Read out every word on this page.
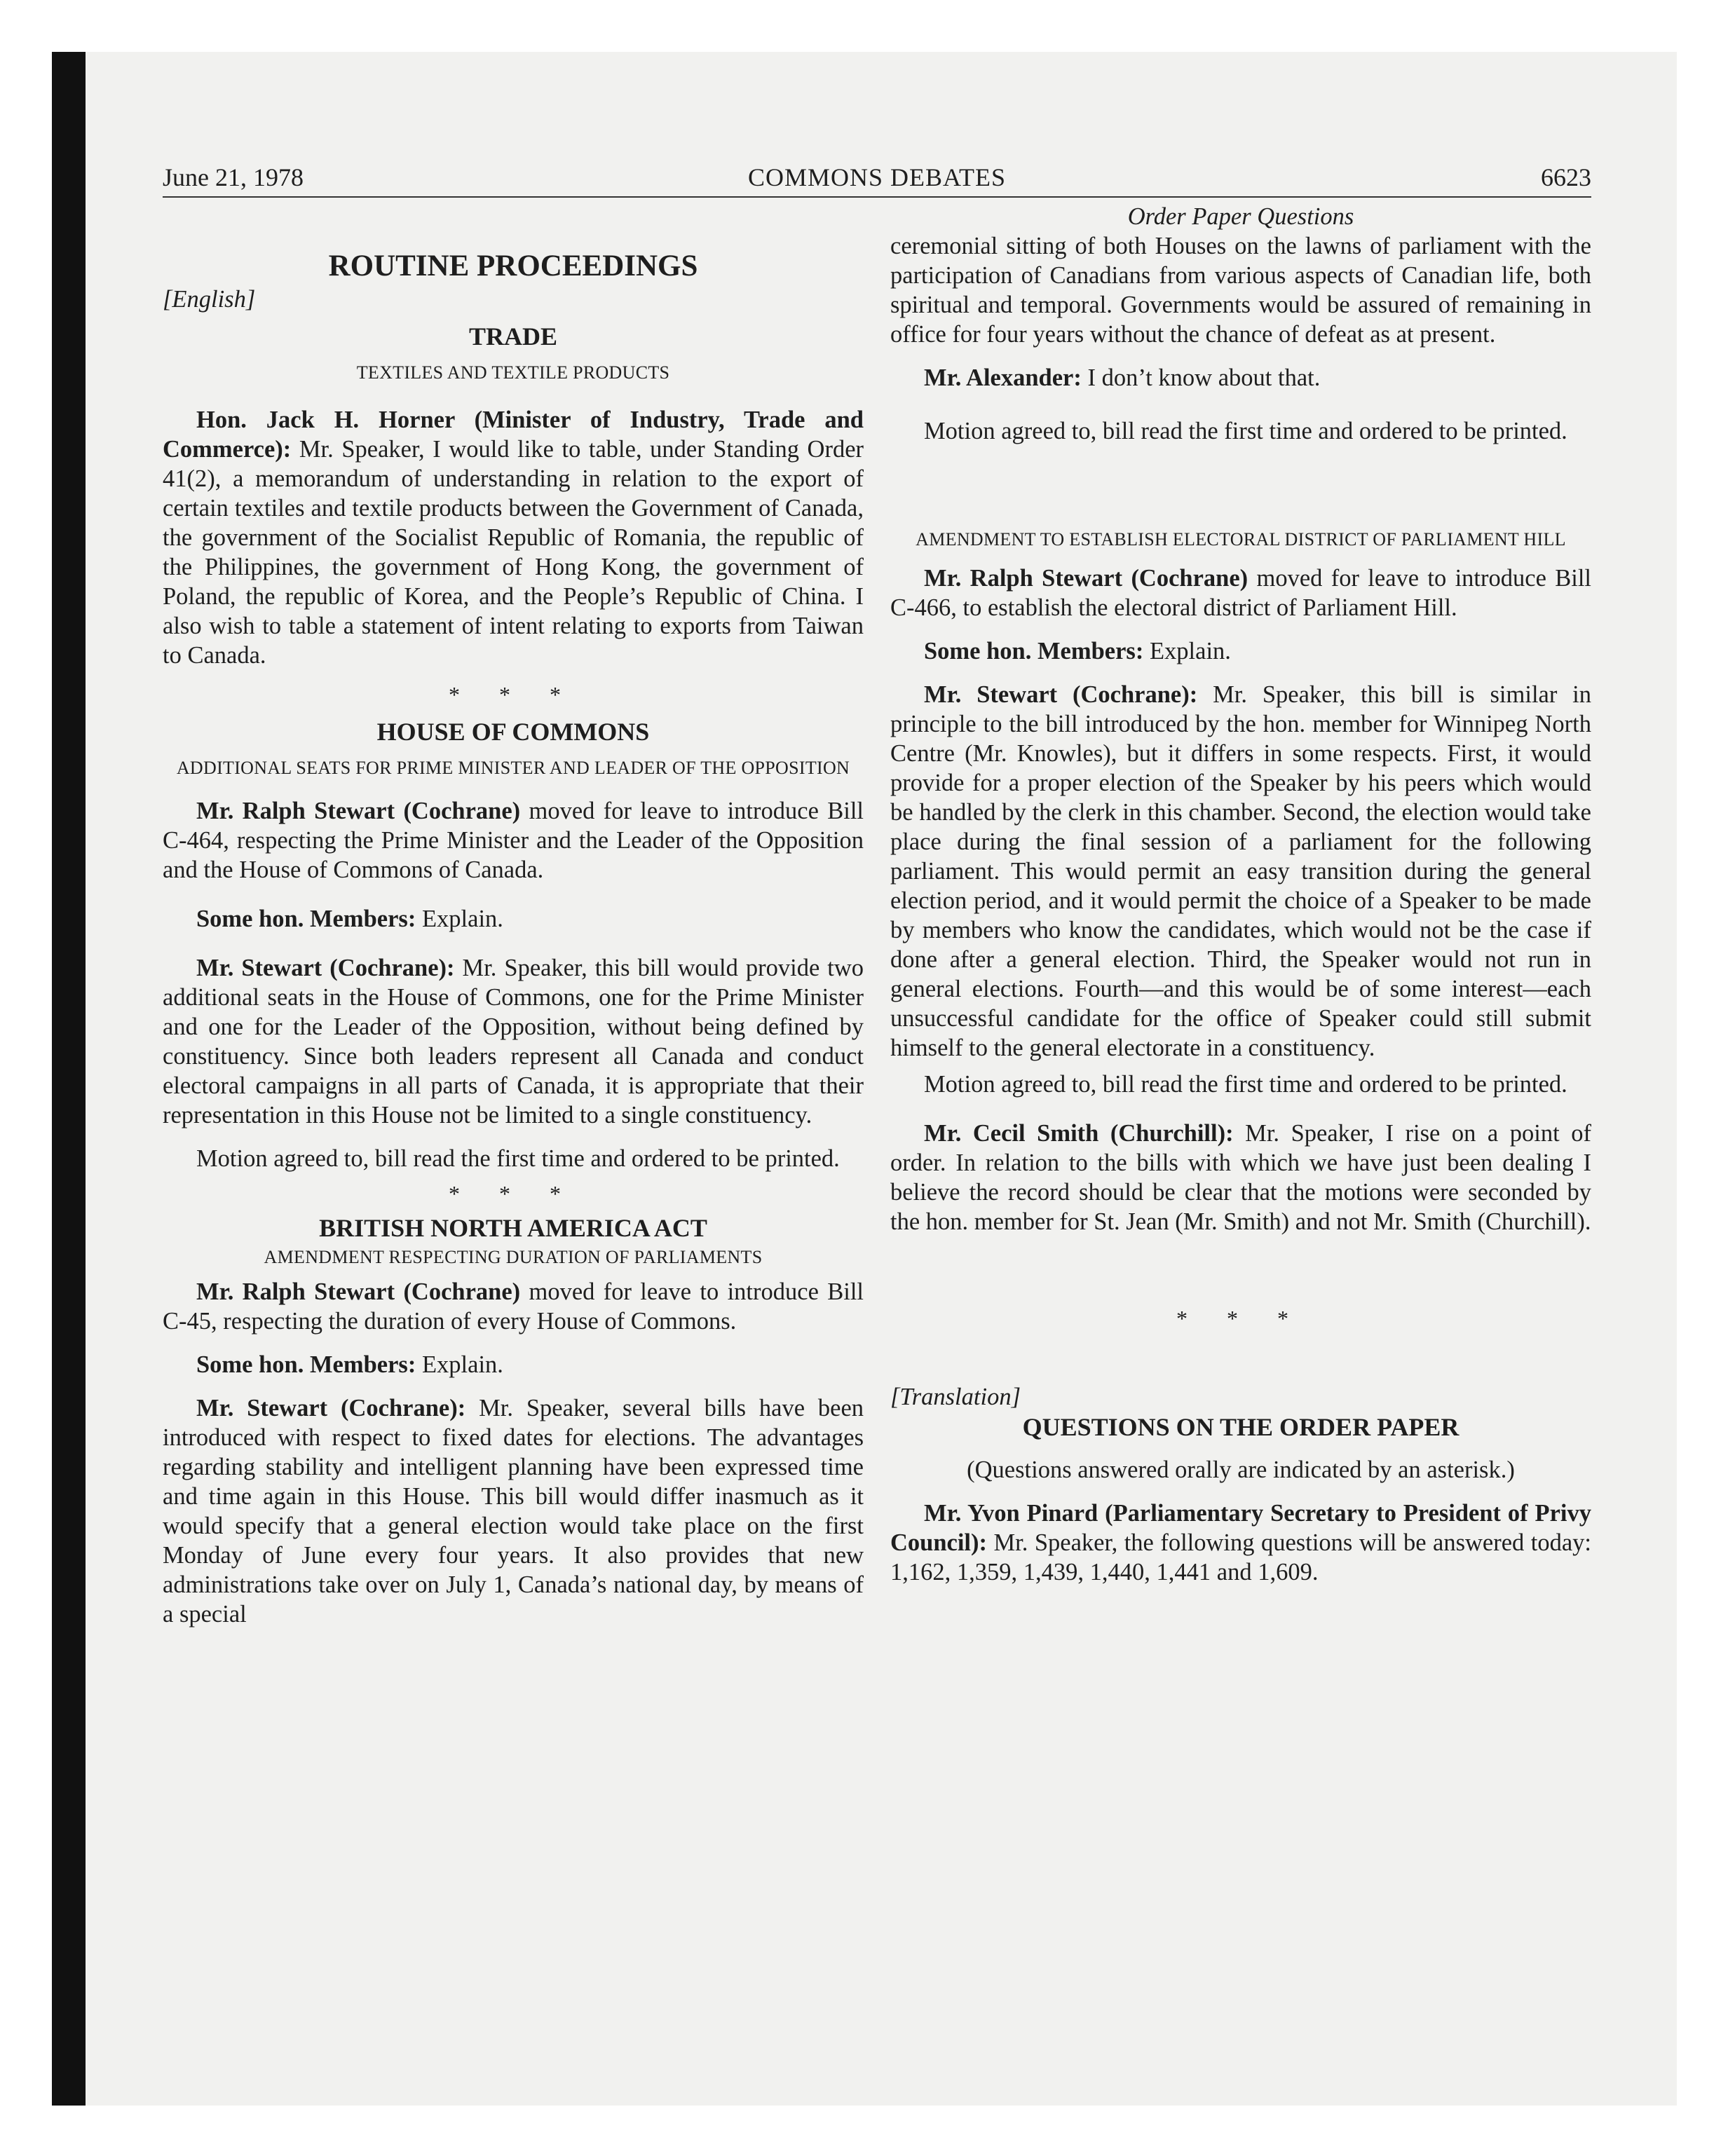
June 21, 1978	COMMONS DEBATES	6623

ROUTINE PROCEEDINGS

[English]

TRADE

TEXTILES AND TEXTILE PRODUCTS

Hon. Jack H. Horner (Minister of Industry, Trade and Commerce): Mr. Speaker, I would like to table, under Standing Order 41(2), a memorandum of understanding in relation to the export of certain textiles and textile products between the Government of Canada, the government of the Socialist Republic of Romania, the republic of the Philippines, the government of Hong Kong, the government of Poland, the republic of Korea, and the People’s Republic of China. I also wish to table a statement of intent relating to exports from Taiwan to Canada.

* * *

HOUSE OF COMMONS

ADDITIONAL SEATS FOR PRIME MINISTER AND LEADER OF THE OPPOSITION

Mr. Ralph Stewart (Cochrane) moved for leave to introduce Bill C-464, respecting the Prime Minister and the Leader of the Opposition and the House of Commons of Canada.

Some hon. Members: Explain.

Mr. Stewart (Cochrane): Mr. Speaker, this bill would provide two additional seats in the House of Commons, one for the Prime Minister and one for the Leader of the Opposition, without being defined by constituency. Since both leaders represent all Canada and conduct electoral campaigns in all parts of Canada, it is appropriate that their representation in this House not be limited to a single constituency.

Motion agreed to, bill read the first time and ordered to be printed.

* * *

BRITISH NORTH AMERICA ACT

AMENDMENT RESPECTING DURATION OF PARLIAMENTS

Mr. Ralph Stewart (Cochrane) moved for leave to introduce Bill C-45, respecting the duration of every House of Commons.

Some hon. Members: Explain.

Mr. Stewart (Cochrane): Mr. Speaker, several bills have been introduced with respect to fixed dates for elections. The advantages regarding stability and intelligent planning have been expressed time and time again in this House. This bill would differ inasmuch as it would specify that a general election would take place on the first Monday of June every four years. It also provides that new administrations take over on July 1, Canada’s national day, by means of a special

Order Paper Questions

ceremonial sitting of both Houses on the lawns of parliament with the participation of Canadians from various aspects of Canadian life, both spiritual and temporal. Governments would be assured of remaining in office for four years without the chance of defeat as at present.

Mr. Alexander: I don’t know about that.

Motion agreed to, bill read the first time and ordered to be printed.

AMENDMENT TO ESTABLISH ELECTORAL DISTRICT OF PARLIAMENT HILL

Mr. Ralph Stewart (Cochrane) moved for leave to introduce Bill C-466, to establish the electoral district of Parliament Hill.

Some hon. Members: Explain.

Mr. Stewart (Cochrane): Mr. Speaker, this bill is similar in principle to the bill introduced by the hon. member for Winnipeg North Centre (Mr. Knowles), but it differs in some respects. First, it would provide for a proper election of the Speaker by his peers which would be handled by the clerk in this chamber. Second, the election would take place during the final session of a parliament for the following parliament. This would permit an easy transition during the general election period, and it would permit the choice of a Speaker to be made by members who know the candidates, which would not be the case if done after a general election. Third, the Speaker would not run in general elections. Fourth—and this would be of some interest—each unsuccessful candidate for the office of Speaker could still submit himself to the general electorate in a constituency.

Motion agreed to, bill read the first time and ordered to be printed.

Mr. Cecil Smith (Churchill): Mr. Speaker, I rise on a point of order. In relation to the bills with which we have just been dealing I believe the record should be clear that the motions were seconded by the hon. member for St. Jean (Mr. Smith) and not Mr. Smith (Churchill).

* * *

[Translation]

QUESTIONS ON THE ORDER PAPER

(Questions answered orally are indicated by an asterisk.)

Mr. Yvon Pinard (Parliamentary Secretary to President of Privy Council): Mr. Speaker, the following questions will be answered today: 1,162, 1,359, 1,439, 1,440, 1,441 and 1,609.
